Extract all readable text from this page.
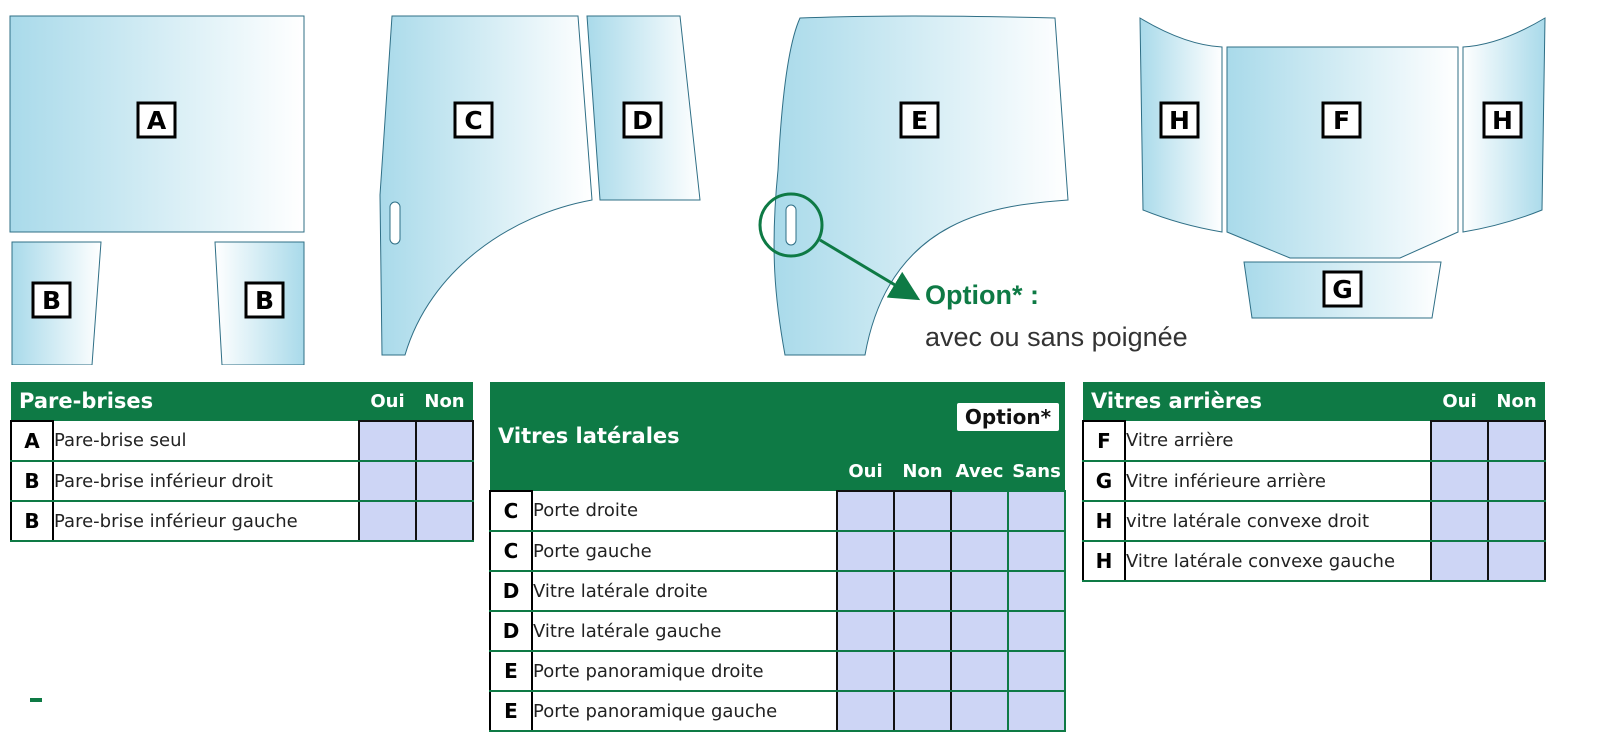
A
B	B
C	D	E	H	F	H
G
Option* :
avec ou sans poignée
Pare-brises		Oui	Non
A	Pare-brise seul		
B	Pare-brise inférieur droit		
B	Pare-brise inférieur gauche		
Vitres latérales				Option*	
		Oui	Non	Avec	Sans
C	Porte droite				
C	Porte gauche				
D	Vitre latérale droite				
D	Vitre latérale gauche				
E	Porte panoramique droite				
E	Porte panoramique gauche				
Vitres arrières		Oui	Non
F	Vitre arrière		
G	Vitre inférieure arrière		
H	vitre latérale convexe droit		
H	Vitre latérale convexe gauche		
